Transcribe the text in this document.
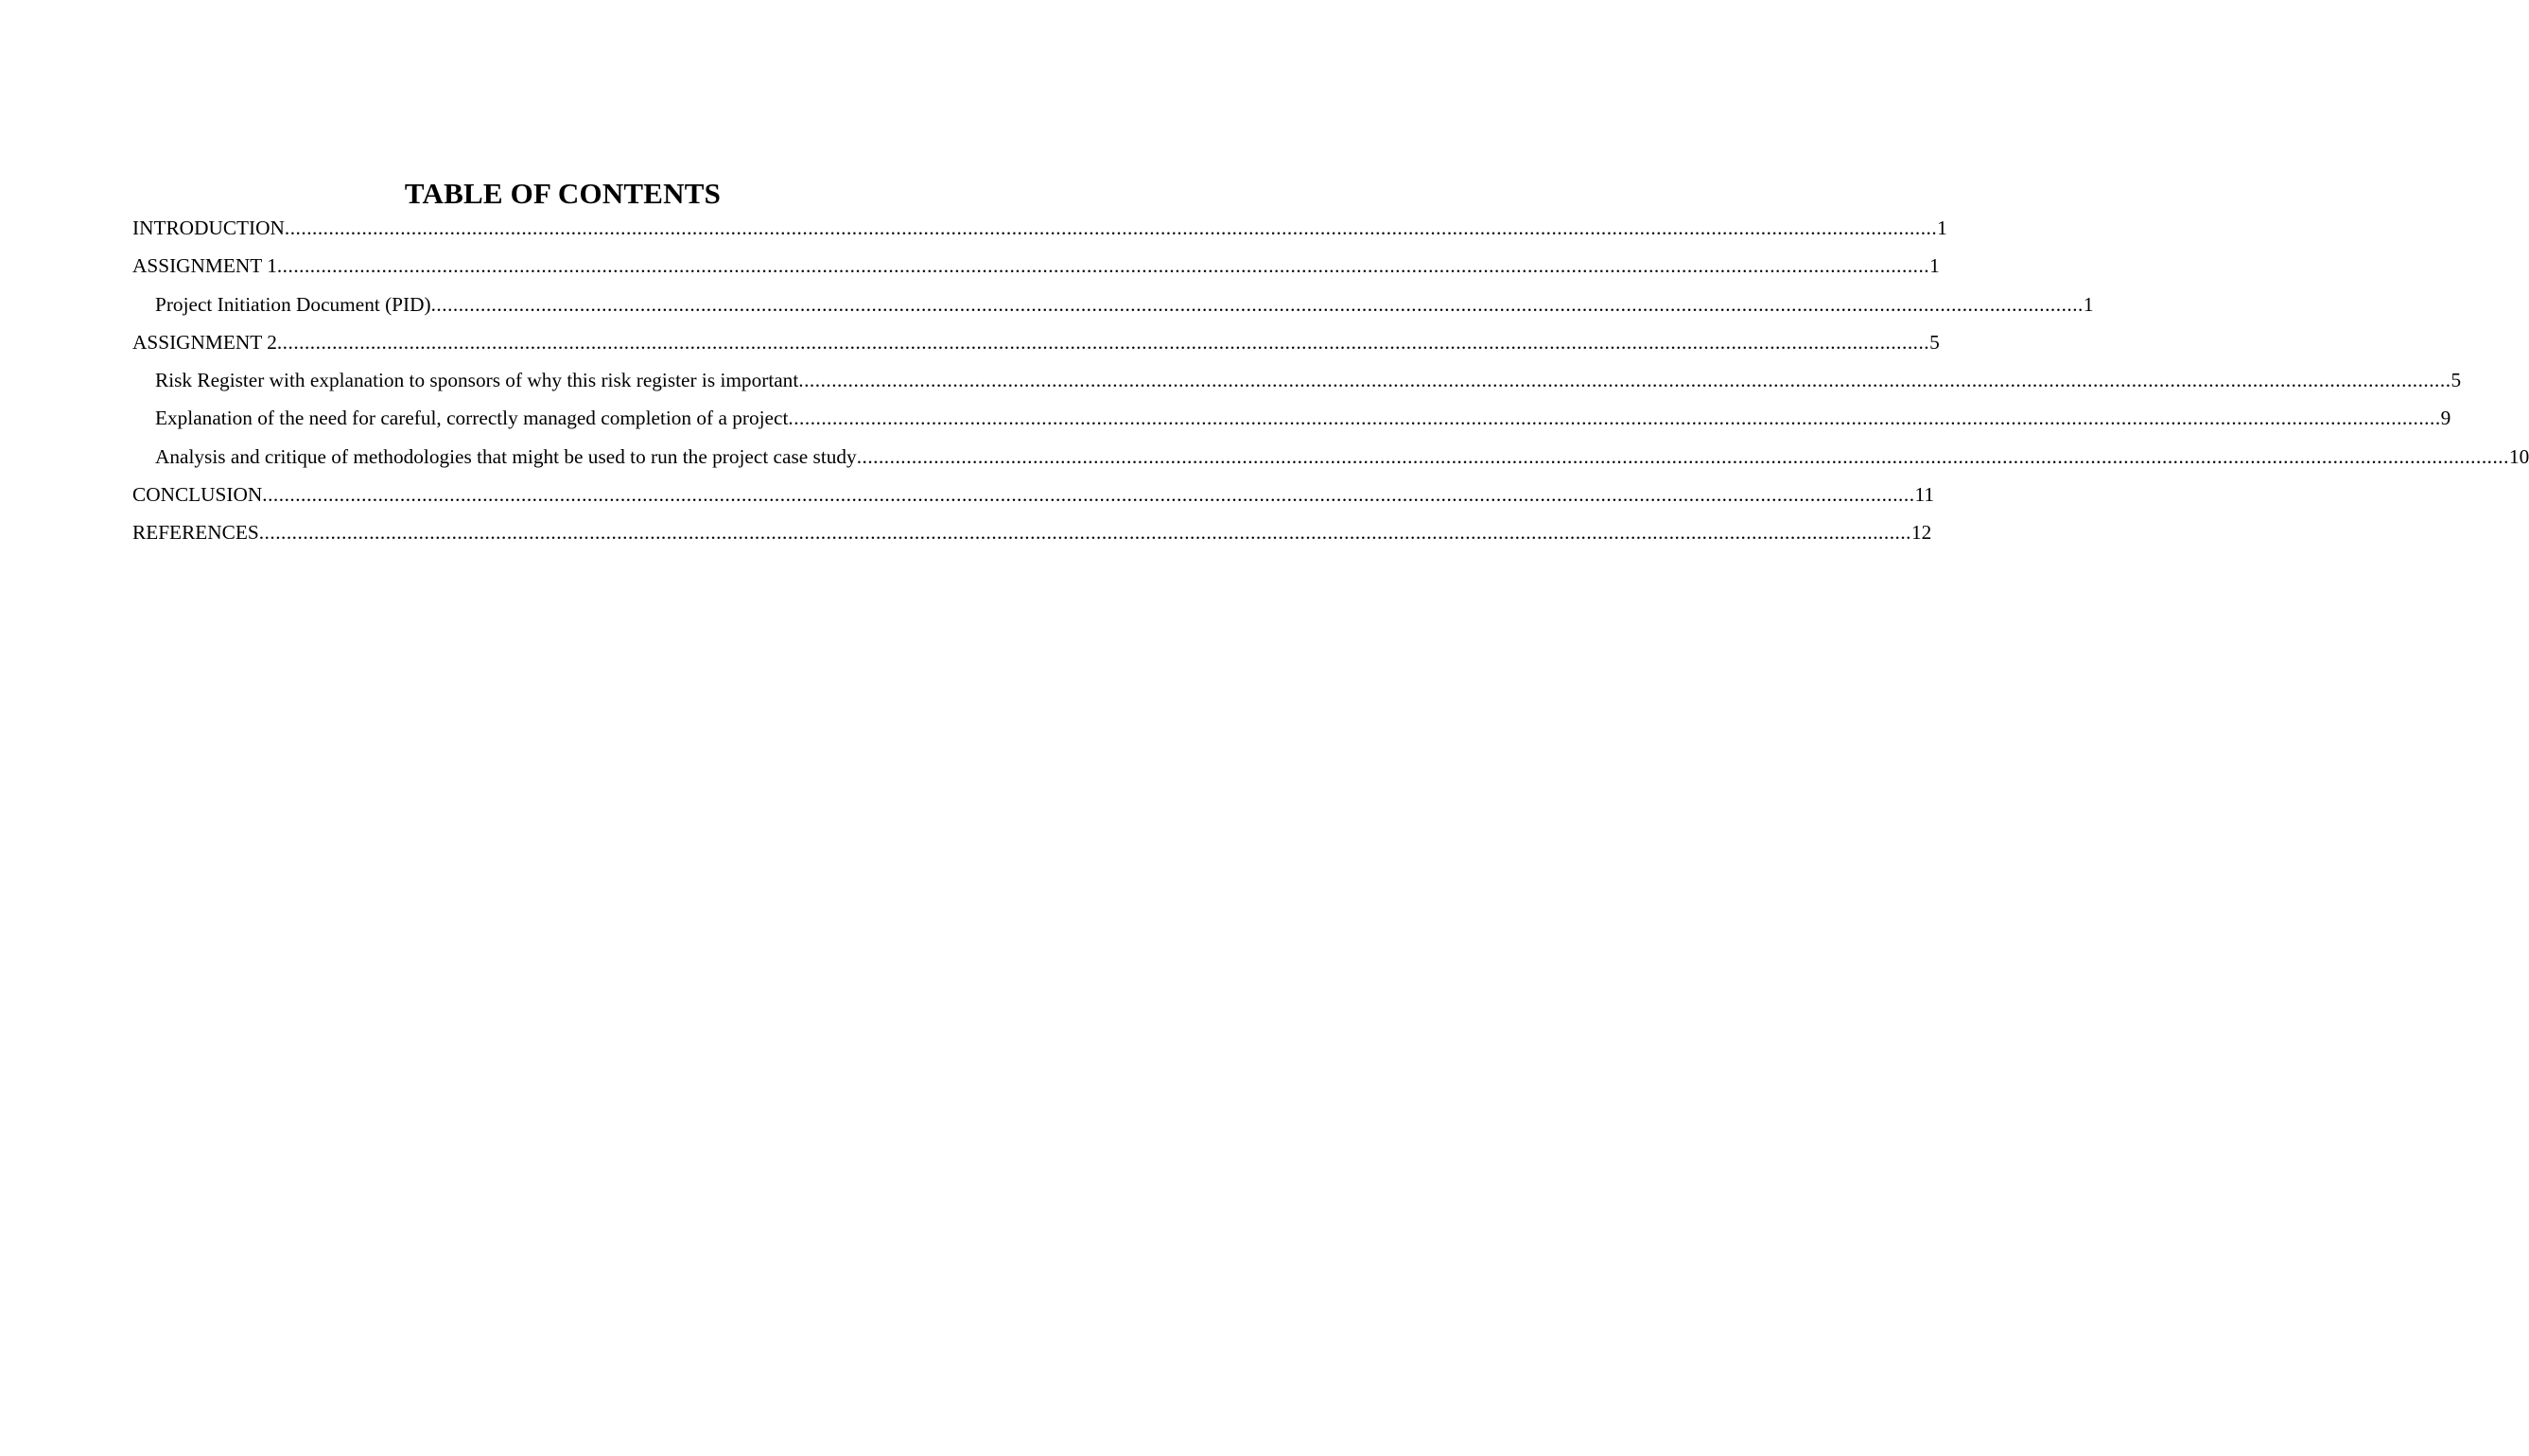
TABLE OF CONTENTS
INTRODUCTION ............................................................................................................................................................................................................................................................................................................ 1
ASSIGNMENT 1 ............................................................................................................................................................................................................................................................................................................ 1
Project Initiation Document (PID) ............................................................................................................................................................................................................................................................................................................ 1
ASSIGNMENT 2 ............................................................................................................................................................................................................................................................................................................ 5
Risk Register with explanation to sponsors of why this risk register is important ............................................................................................................................................................................................................................................................................................................ 5
Explanation of the need for careful, correctly managed completion of a project ............................................................................................................................................................................................................................................................................................................ 9
Analysis and critique of methodologies that might be used to run the project case study ............................................................................................................................................................................................................................................................................................................ 10
CONCLUSION ............................................................................................................................................................................................................................................................................................................ 11
REFERENCES ............................................................................................................................................................................................................................................................................................................ 12
